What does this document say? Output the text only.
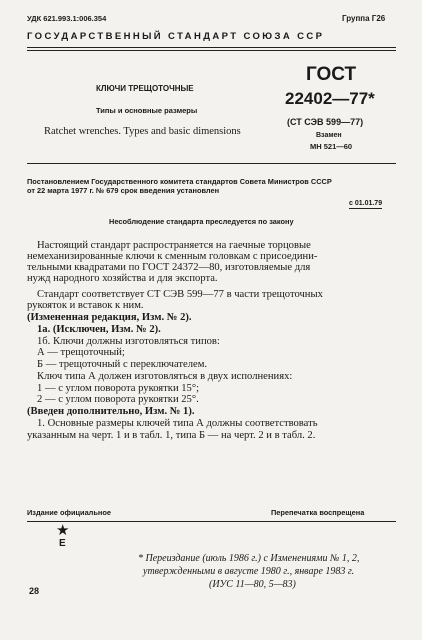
УДК 621.993.1:006.354	Группа Г26
ГОСУДАРСТВЕННЫЙ СТАНДАРТ СОЮЗА ССР
КЛЮЧИ ТРЕЩОТОЧНЫЕ
Типы и основные размеры
Ratchet wrenches. Types and basic dimensions
ГОСТ
22402—77*
(СТ СЭВ 599—77)
Взамен
МН 521—60
Постановлением Государственного комитета стандартов Совета Министров СССР
от 22 марта 1977 г. № 679 срок введения установлен
с 01.01.79
Несоблюдение стандарта преследуется по закону
Настоящий стандарт распространяется на гаечные торцовые
немеханизированные ключи к сменным головкам с присоедини-
тельными квадратами по ГОСТ 24372—80, изготовляемые для
нужд народного хозяйства и для экспорта.
Стандарт соответствует СТ СЭВ 599—77 в части трещоточных
рукояток и вставок к ним.
(Измененная редакция, Изм. № 2).
1а. (Исключен, Изм. № 2).
1б. Ключи должны изготовляться типов:
А — трещоточный;
Б — трещоточный с переключателем.
Ключ типа А должен изготовляться в двух исполнениях:
1 — с углом поворота рукоятки 15°;
2 — с углом поворота рукоятки 25°.
(Введен дополнительно, Изм. № 1).
1. Основные размеры ключей типа А должны соответствовать
указанным на черт. 1 и в табл. 1, типа Б — на черт. 2 и в табл. 2.
Издание официальное	Перепечатка воспрещена
★
Е
* Переиздание (июль 1986 г.) с Изменениями № 1, 2,
утвержденными в августе 1980 г., январе 1983 г.
(ИУС 11—80, 5—83)
28
